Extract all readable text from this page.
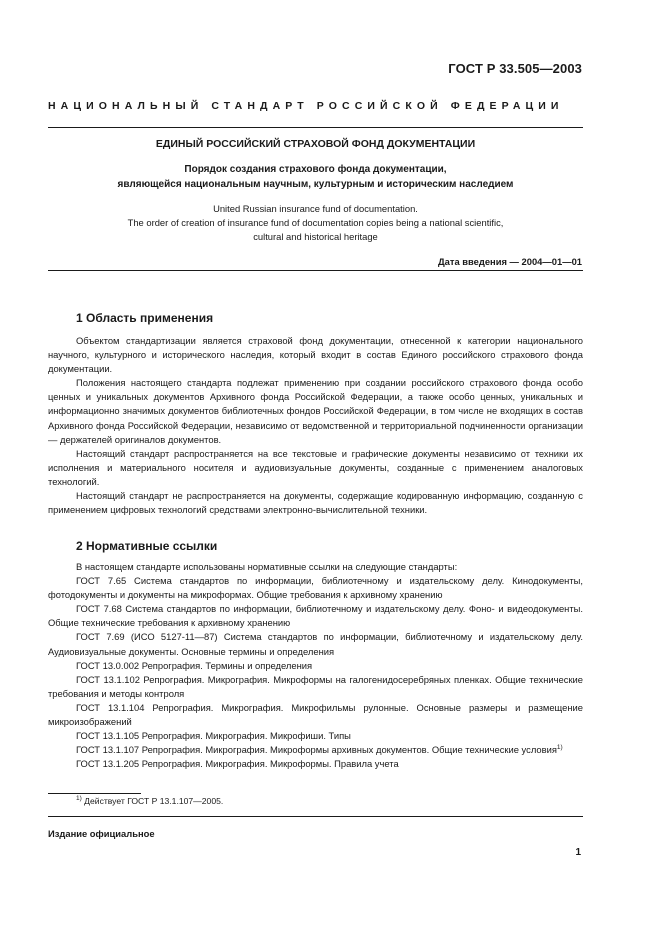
ГОСТ Р 33.505—2003
НАЦИОНАЛЬНЫЙ СТАНДАРТ РОССИЙСКОЙ ФЕДЕРАЦИИ
ЕДИНЫЙ РОССИЙСКИЙ СТРАХОВОЙ ФОНД ДОКУМЕНТАЦИИ
Порядок создания страхового фонда документации,
являющейся национальным научным, культурным и историческим наследием
United Russian insurance fund of documentation.
The order of creation of insurance fund of documentation copies being a national scientific,
cultural and historical heritage
Дата введения — 2004—01—01
1 Область применения

Объектом стандартизации является страховой фонд документации, отнесенной к категории национального научного, культурного и исторического наследия, который входит в состав Единого российского страхового фонда документации.

Положения настоящего стандарта подлежат применению при создании российского страхового фонда особо ценных и уникальных документов Архивного фонда Российской Федерации, а также особо ценных, уникальных и информационно значимых документов библиотечных фондов Российской Федерации, в том числе не входящих в состав Архивного фонда Российской Федерации, независимо от ведомственной и территориальной подчиненности организации — держателей оригиналов документов.

Настоящий стандарт распространяется на все текстовые и графические документы независимо от техники их исполнения и материального носителя и аудиовизуальные документы, созданные с применением аналоговых технологий.

Настоящий стандарт не распространяется на документы, содержащие кодированную информацию, созданную с применением цифровых технологий средствами электронно-вычислительной техники.

2 Нормативные ссылки

В настоящем стандарте использованы нормативные ссылки на следующие стандарты:

ГОСТ 7.65 Система стандартов по информации, библиотечному и издательскому делу. Кинодокументы, фотодокументы и документы на микроформах. Общие требования к архивному хранению

ГОСТ 7.68 Система стандартов по информации, библиотечному и издательскому делу. Фоно- и видеодокументы. Общие технические требования к архивному хранению

ГОСТ 7.69 (ИСО 5127-11—87) Система стандартов по информации, библиотечному и издательскому делу. Аудиовизуальные документы. Основные термины и определения

ГОСТ 13.0.002 Репрография. Термины и определения

ГОСТ 13.1.102 Репрография. Микрография. Микроформы на галогенидосеребряных пленках. Общие технические требования и методы контроля

ГОСТ 13.1.104 Репрография. Микрография. Микрофильмы рулонные. Основные размеры и размещение микроизображений

ГОСТ 13.1.105 Репрография. Микрография. Микрофиши. Типы

ГОСТ 13.1.107 Репрография. Микрография. Микроформы архивных документов. Общие технические условия$^{1)}$

ГОСТ 13.1.205 Репрография. Микрография. Микроформы. Правила учета

$^{1)}$ Действует ГОСТ Р 13.1.107—2005.
Издание официальное
1
